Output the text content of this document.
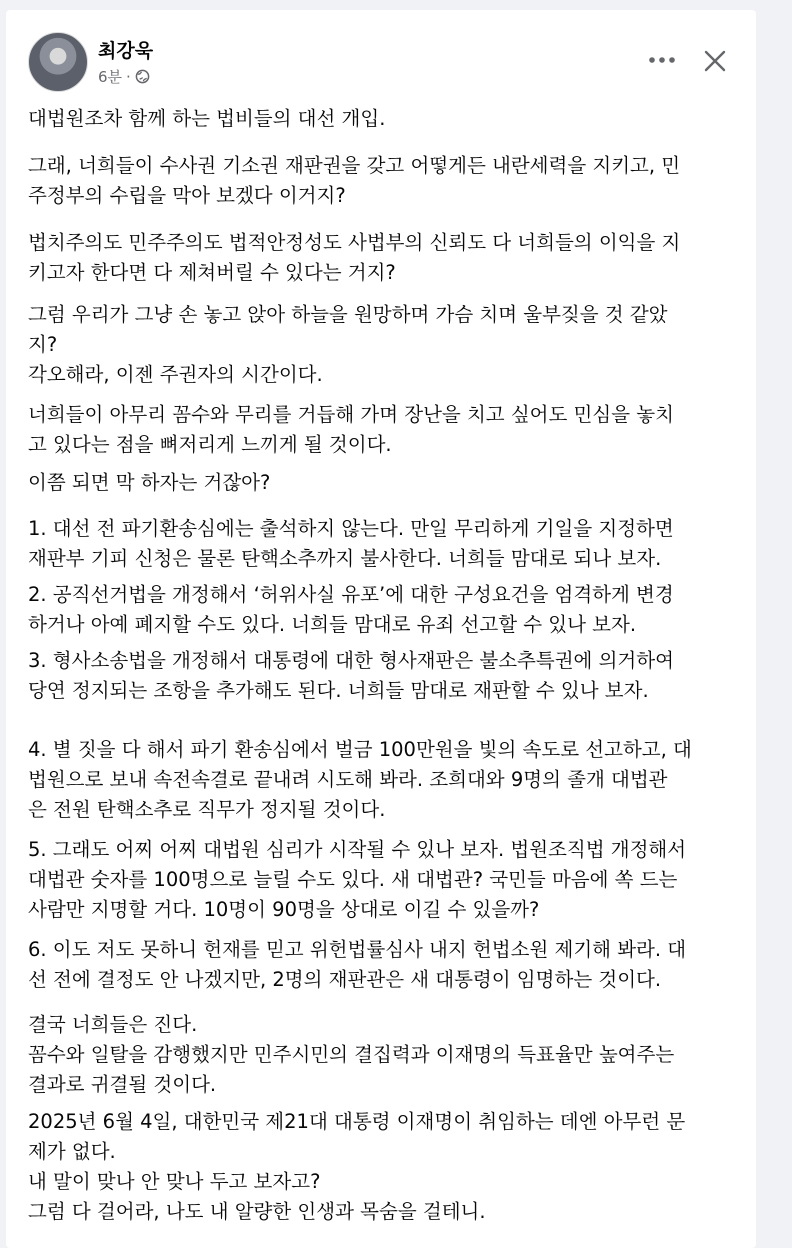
최강욱
6분 ·
대법원조차 함께 하는 법비들의 대선 개입.
그래, 너희들이 수사권 기소권 재판권을 갖고 어떻게든 내란세력을 지키고, 민
주정부의 수립을 막아 보겠다 이거지?
법치주의도 민주주의도 법적안정성도 사법부의 신뢰도 다 너희들의 이익을 지
키고자 한다면 다 제쳐버릴 수 있다는 거지?
그럼 우리가 그냥 손 놓고 앉아 하늘을 원망하며 가슴 치며 울부짖을 것 같았
지?
각오해라, 이젠 주권자의 시간이다.
너희들이 아무리 꼼수와 무리를 거듭해 가며 장난을 치고 싶어도 민심을 놓치
고 있다는 점을 뼈저리게 느끼게 될 것이다.
이쯤 되면 막 하자는 거잖아?
1. 대선 전 파기환송심에는 출석하지 않는다. 만일 무리하게 기일을 지정하면
재판부 기피 신청은 물론 탄핵소추까지 불사한다. 너희들 맘대로 되나 보자.
2. 공직선거법을 개정해서 ‘허위사실 유포’에 대한 구성요건을 엄격하게 변경
하거나 아예 폐지할 수도 있다. 너희들 맘대로 유죄 선고할 수 있나 보자.
3. 형사소송법을 개정해서 대통령에 대한 형사재판은 불소추특권에 의거하여
당연 정지되는 조항을 추가해도 된다. 너희들 맘대로 재판할 수 있나 보자.
4. 별 짓을 다 해서 파기 환송심에서 벌금 100만원을 빛의 속도로 선고하고, 대
법원으로 보내 속전속결로 끝내려 시도해 봐라. 조희대와 9명의 졸개 대법관
은 전원 탄핵소추로 직무가 정지될 것이다.
5. 그래도 어찌 어찌 대법원 심리가 시작될 수 있나 보자. 법원조직법 개정해서
대법관 숫자를 100명으로 늘릴 수도 있다. 새 대법관? 국민들 마음에 쏙 드는
사람만 지명할 거다. 10명이 90명을 상대로 이길 수 있을까?
6. 이도 저도 못하니 헌재를 믿고 위헌법률심사 내지 헌법소원 제기해 봐라. 대
선 전에 결정도 안 나겠지만, 2명의 재판관은 새 대통령이 임명하는 것이다.
결국 너희들은 진다.
꼼수와 일탈을 감행했지만 민주시민의 결집력과 이재명의 득표율만 높여주는
결과로 귀결될 것이다.
2025년 6월 4일, 대한민국 제21대 대통령 이재명이 취임하는 데엔 아무런 문
제가 없다.
내 말이 맞나 안 맞나 두고 보자고?
그럼 다 걸어라, 나도 내 알량한 인생과 목숨을 걸테니.
